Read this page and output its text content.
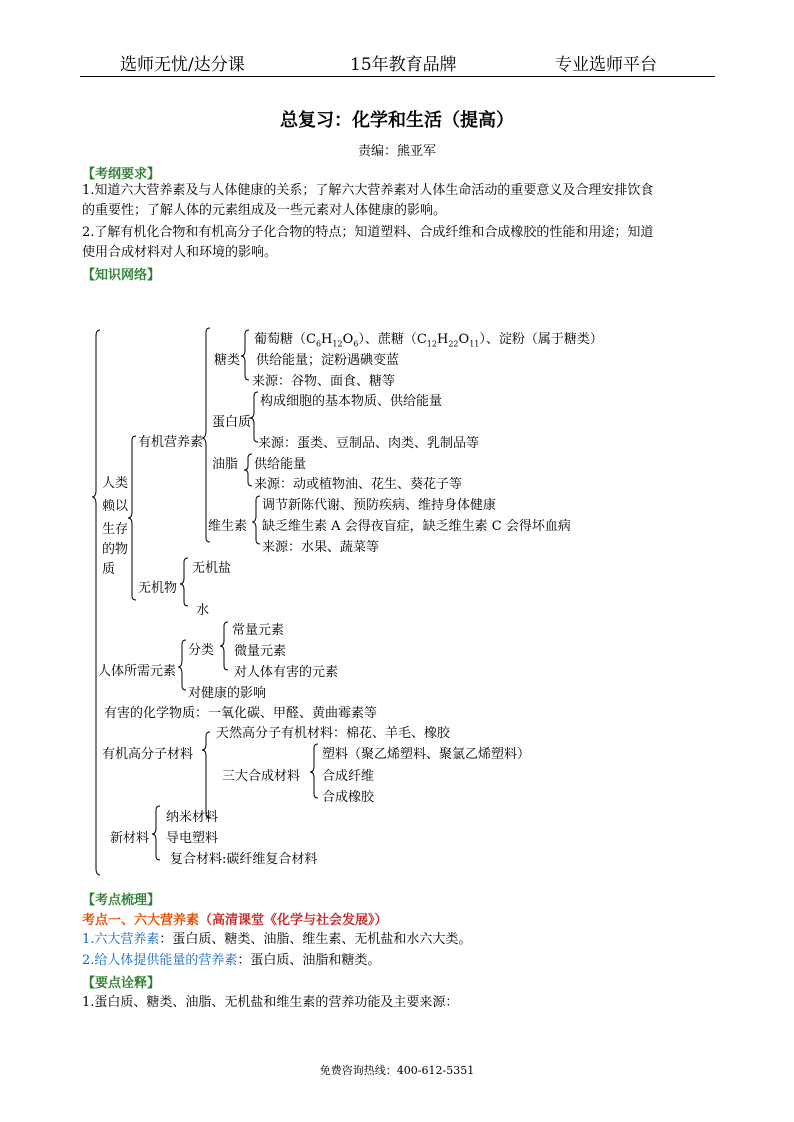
选师无忧/达分课	15年教育品牌	专业选师平台
总复习：化学和生活（提高）
责编：熊亚军
【考纲要求】
1.知道六大营养素及与人体健康的关系；了解六大营养素对人体生命活动的重要意义及合理安排饮食
的重要性；了解人体的元素组成及一些元素对人体健康的影响。
2.了解有机化合物和有机高分子化合物的特点；知道塑料、合成纤维和合成橡胶的性能和用途；知道
使用合成材料对人和环境的影响。
【知识网络】
人类
赖以
生存
的物
质
有机营养素
糖类
葡萄糖$(C_6H_{12}O_6)$、蔗糖$(C_{12}H_{22}O_{11})$、淀粉（属于糖类）
供给能量；淀粉遇碘变蓝
来源：谷物、面食、糖等
蛋白质
构成细胞的基本物质、供给能量
来源：蛋类、豆制品、肉类、乳制品等
油脂 供给能量
来源：动或植物油、花生、葵花子等
维生素
调节新陈代谢、预防疾病、维持身体健康
缺乏维生素 A 会得夜盲症，缺乏维生素 C 会得坏血病
来源：水果、蔬菜等
无机物
无机盐
水
人体所需元素
分类
常量元素
微量元素
对人体有害的元素
对健康的影响
有害的化学物质：一氧化碳、甲醛、黄曲霉素等
有机高分子材料
天然高分子有机材料：棉花、羊毛、橡胶
三大合成材料
塑料（聚乙烯塑料、聚氯乙烯塑料）
合成纤维
合成橡胶
新材料
纳米材料
导电塑料
复合材料:碳纤维复合材料
【考点梳理】
考点一、六大营养素（高清课堂《化学与社会发展》）
1.六大营养素：蛋白质、糖类、油脂、维生素、无机盐和水六大类。
2.给人体提供能量的营养素：蛋白质、油脂和糖类。
【要点诠释】
1.蛋白质、糖类、油脂、无机盐和维生素的营养功能及主要来源：
免费咨询热线：400-612-5351
